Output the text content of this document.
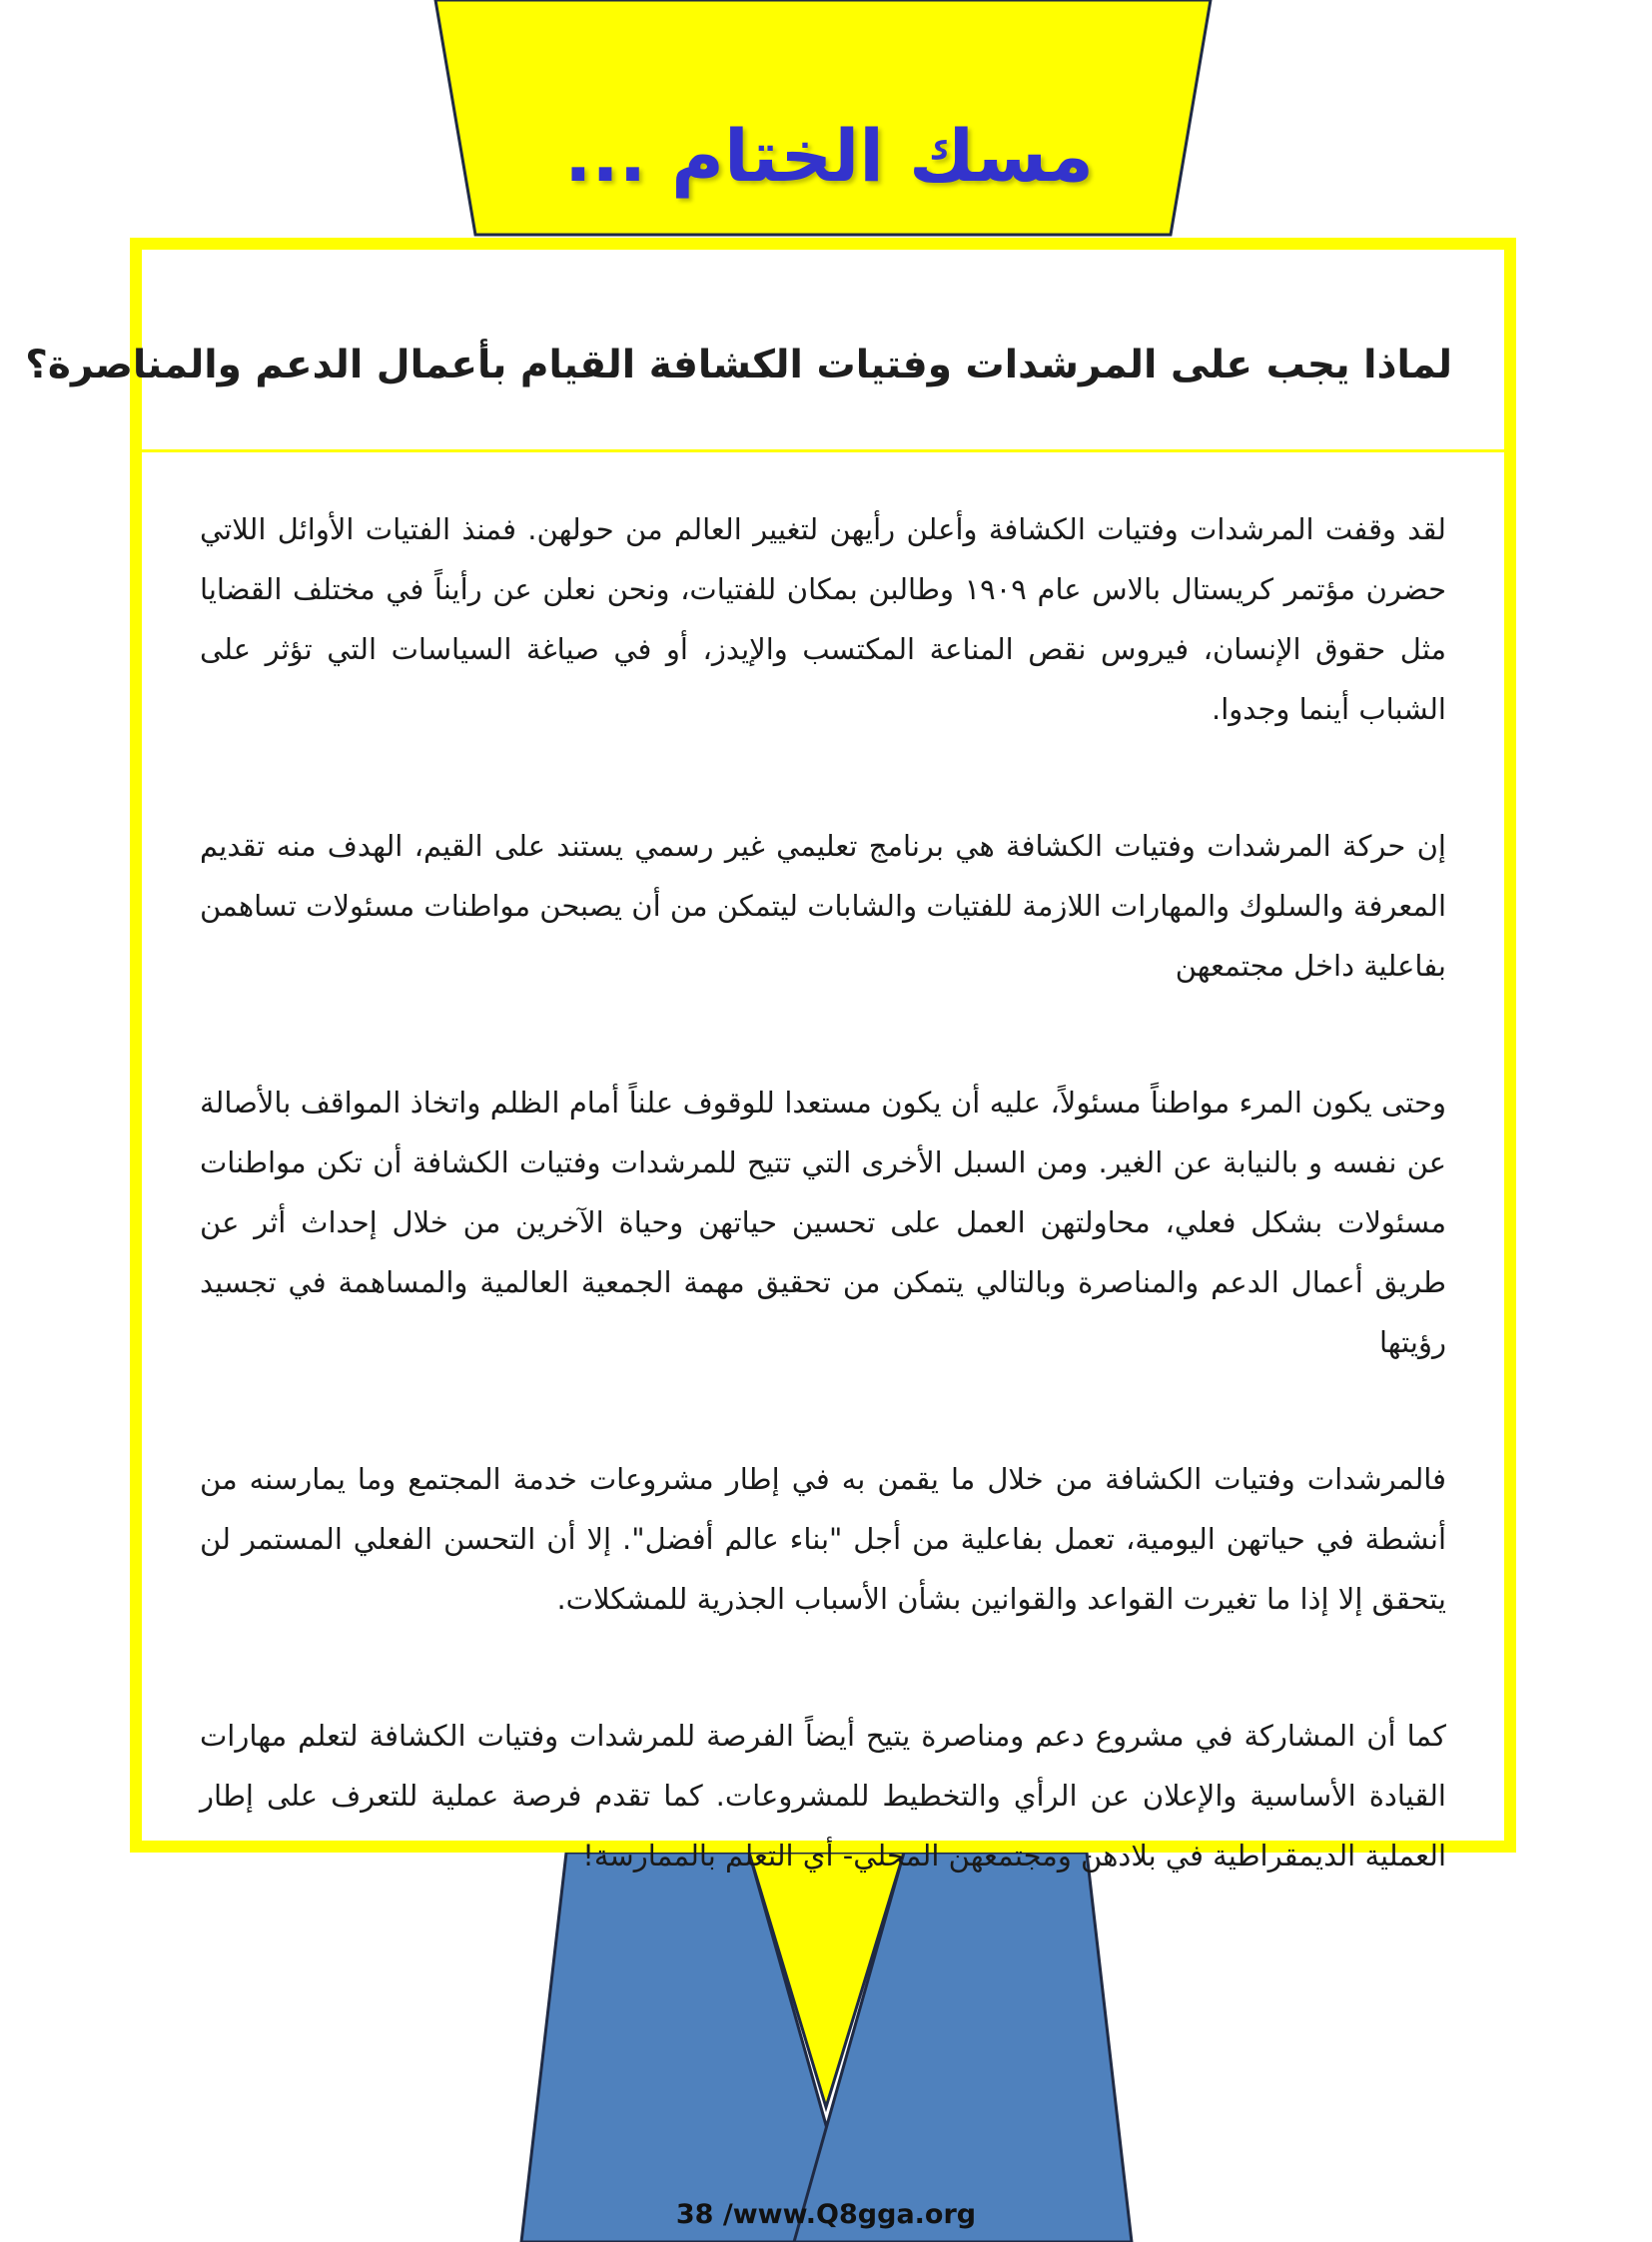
مسك الختام ...
لماذا يجب على المرشدات وفتيات الكشافة القيام بأعمال الدعم والمناصرة؟

لقد وقفت المرشدات وفتيات الكشافة وأعلن رأيهن لتغيير العالم من حولهن. فمنذ الفتيات الأوائل اللاتي حضرن مؤتمر كريستال بالاس عام ١٩٠٩ وطالبن بمكان للفتيات، ونحن نعلن عن رأيناً في مختلف القضايا مثل حقوق الإنسان، فيروس نقص المناعة المكتسب والإيدز، أو في صياغة السياسات التي تؤثر على الشباب أينما وجدوا.

إن حركة المرشدات وفتيات الكشافة هي برنامج تعليمي غير رسمي يستند على القيم، الهدف منه تقديم المعرفة والسلوك والمهارات اللازمة للفتيات والشابات ليتمكن من أن يصبحن مواطنات مسئولات تساهمن بفاعلية داخل مجتمعهن

وحتى يكون المرء مواطناً مسئولاً، عليه أن يكون مستعدا للوقوف علناً أمام الظلم واتخاذ المواقف بالأصالة عن نفسه و بالنيابة عن الغير. ومن السبل الأخرى التي تتيح للمرشدات وفتيات الكشافة أن تكن مواطنات مسئولات بشكل فعلي، محاولتهن العمل على تحسين حياتهن وحياة الآخرين من خلال إحداث أثر عن طريق أعمال الدعم والمناصرة وبالتالي يتمكن من تحقيق مهمة الجمعية العالمية والمساهمة في تجسيد رؤيتها

فالمرشدات وفتيات الكشافة من خلال ما يقمن به في إطار مشروعات خدمة المجتمع وما يمارسنه من أنشطة في حياتهن اليومية، تعمل بفاعلية من أجل "بناء عالم أفضل". إلا أن التحسن الفعلي المستمر لن يتحقق إلا إذا ما تغيرت القواعد والقوانين بشأن الأسباب الجذرية للمشكلات.

كما أن المشاركة في مشروع دعم ومناصرة يتيح أيضاً الفرصة للمرشدات وفتيات الكشافة لتعلم مهارات القيادة الأساسية والإعلان عن الرأي والتخطيط للمشروعات. كما تقدم فرصة عملية للتعرف على إطار العملية الديمقراطية في بلادهن ومجتمعهن المحلي- أي التعلم بالممارسة!

38 /www.Q8gga.org
